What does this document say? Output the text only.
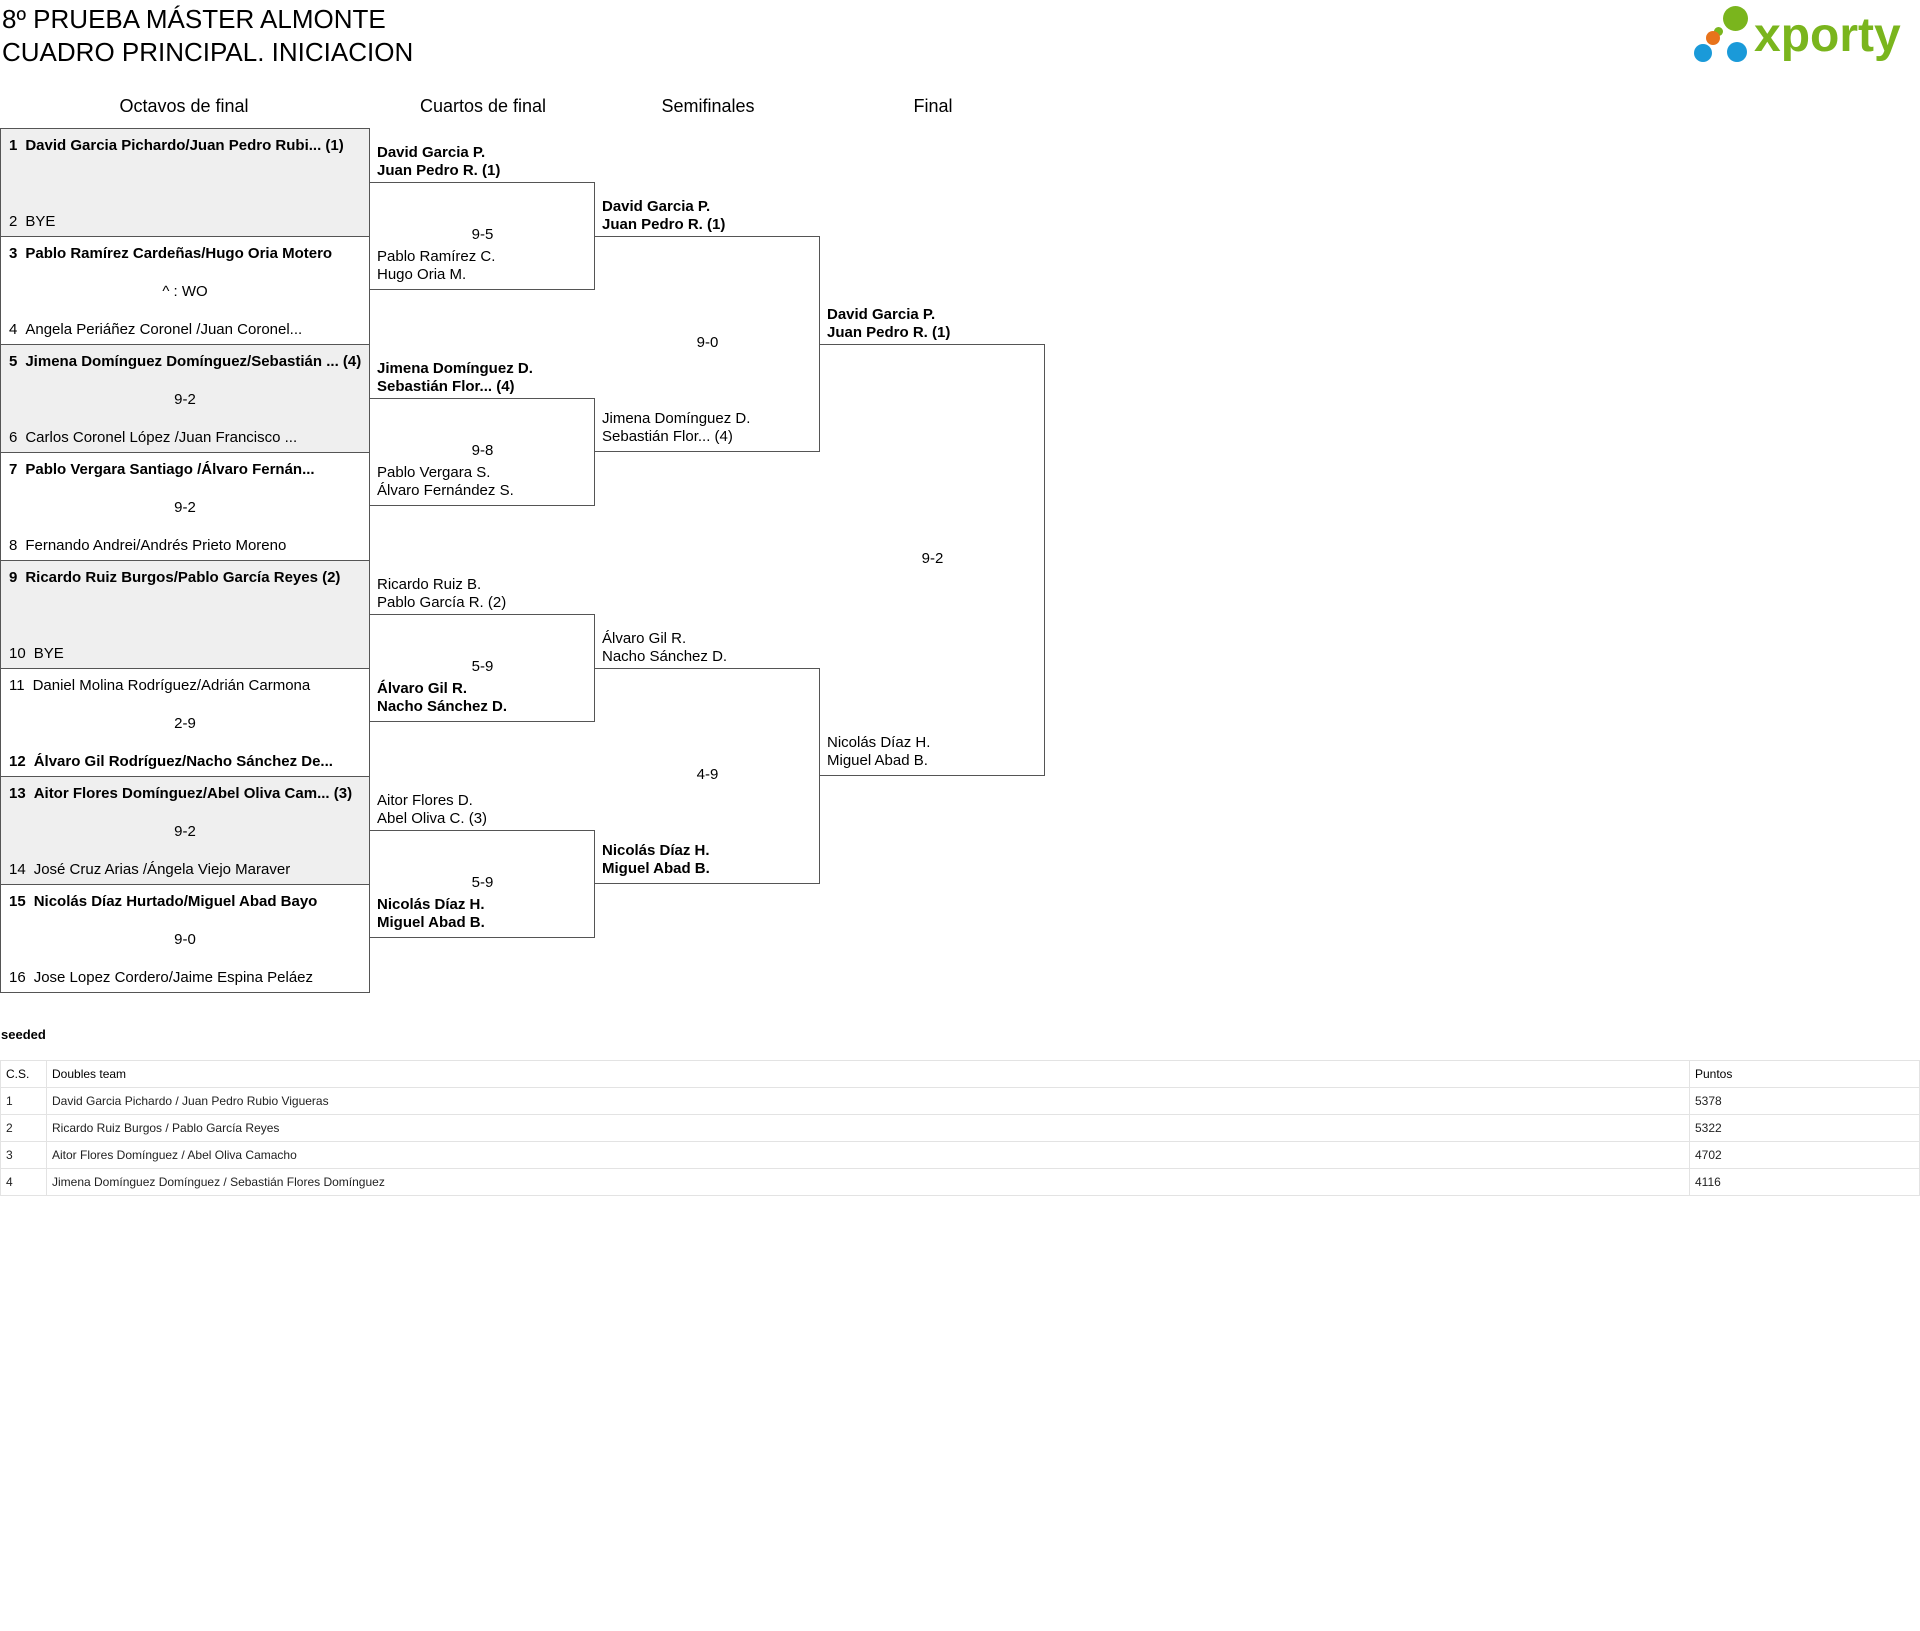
8º PRUEBA MÁSTER ALMONTE
CUADRO PRINCIPAL. INICIACION	xporty
Octavos de final	Cuartos de final	Semifinales	Final
1 David Garcia Pichardo/Juan Pedro Rubi... (1)
2 BYE
3 Pablo Ramírez Cardeñas/Hugo Oria Motero
^ : WO
4 Angela Periáñez Coronel /Juan Coronel...
5 Jimena Domínguez Domínguez/Sebastián ... (4)
9-2
6 Carlos Coronel López /Juan Francisco ...
7 Pablo Vergara Santiago /Álvaro Fernán...
9-2
8 Fernando Andrei/Andrés Prieto Moreno
9 Ricardo Ruiz Burgos/Pablo García Reyes (2)
10 BYE
11 Daniel Molina Rodríguez/Adrián Carmona
2-9
12 Álvaro Gil Rodríguez/Nacho Sánchez De...
13 Aitor Flores Domínguez/Abel Oliva Cam... (3)
9-2
14 José Cruz Arias /Ángela Viejo Maraver
15 Nicolás Díaz Hurtado/Miguel Abad Bayo
9-0
16 Jose Lopez Cordero/Jaime Espina Peláez
David Garcia P.
Juan Pedro R. (1)
Pablo Ramírez C.
Hugo Oria M.
9-5
Jimena Domínguez D.
Sebastián Flor... (4)
Pablo Vergara S.
Álvaro Fernández S.
9-8
Ricardo Ruiz B.
Pablo García R. (2)
Álvaro Gil R.
Nacho Sánchez D.
5-9
Aitor Flores D.
Abel Oliva C. (3)
Nicolás Díaz H.
Miguel Abad B.
5-9
David Garcia P.
Juan Pedro R. (1)
Jimena Domínguez D.
Sebastián Flor... (4)
9-0
Álvaro Gil R.
Nacho Sánchez D.
Nicolás Díaz H.
Miguel Abad B.
4-9
David Garcia P.
Juan Pedro R. (1)
Nicolás Díaz H.
Miguel Abad B.
9-2
seeded
C.S.	Doubles team	Puntos
1	David Garcia Pichardo / Juan Pedro Rubio Vigueras	5378
2	Ricardo Ruiz Burgos / Pablo García Reyes	5322
3	Aitor Flores Domínguez / Abel Oliva Camacho	4702
4	Jimena Domínguez Domínguez / Sebastián Flores Domínguez	4116
